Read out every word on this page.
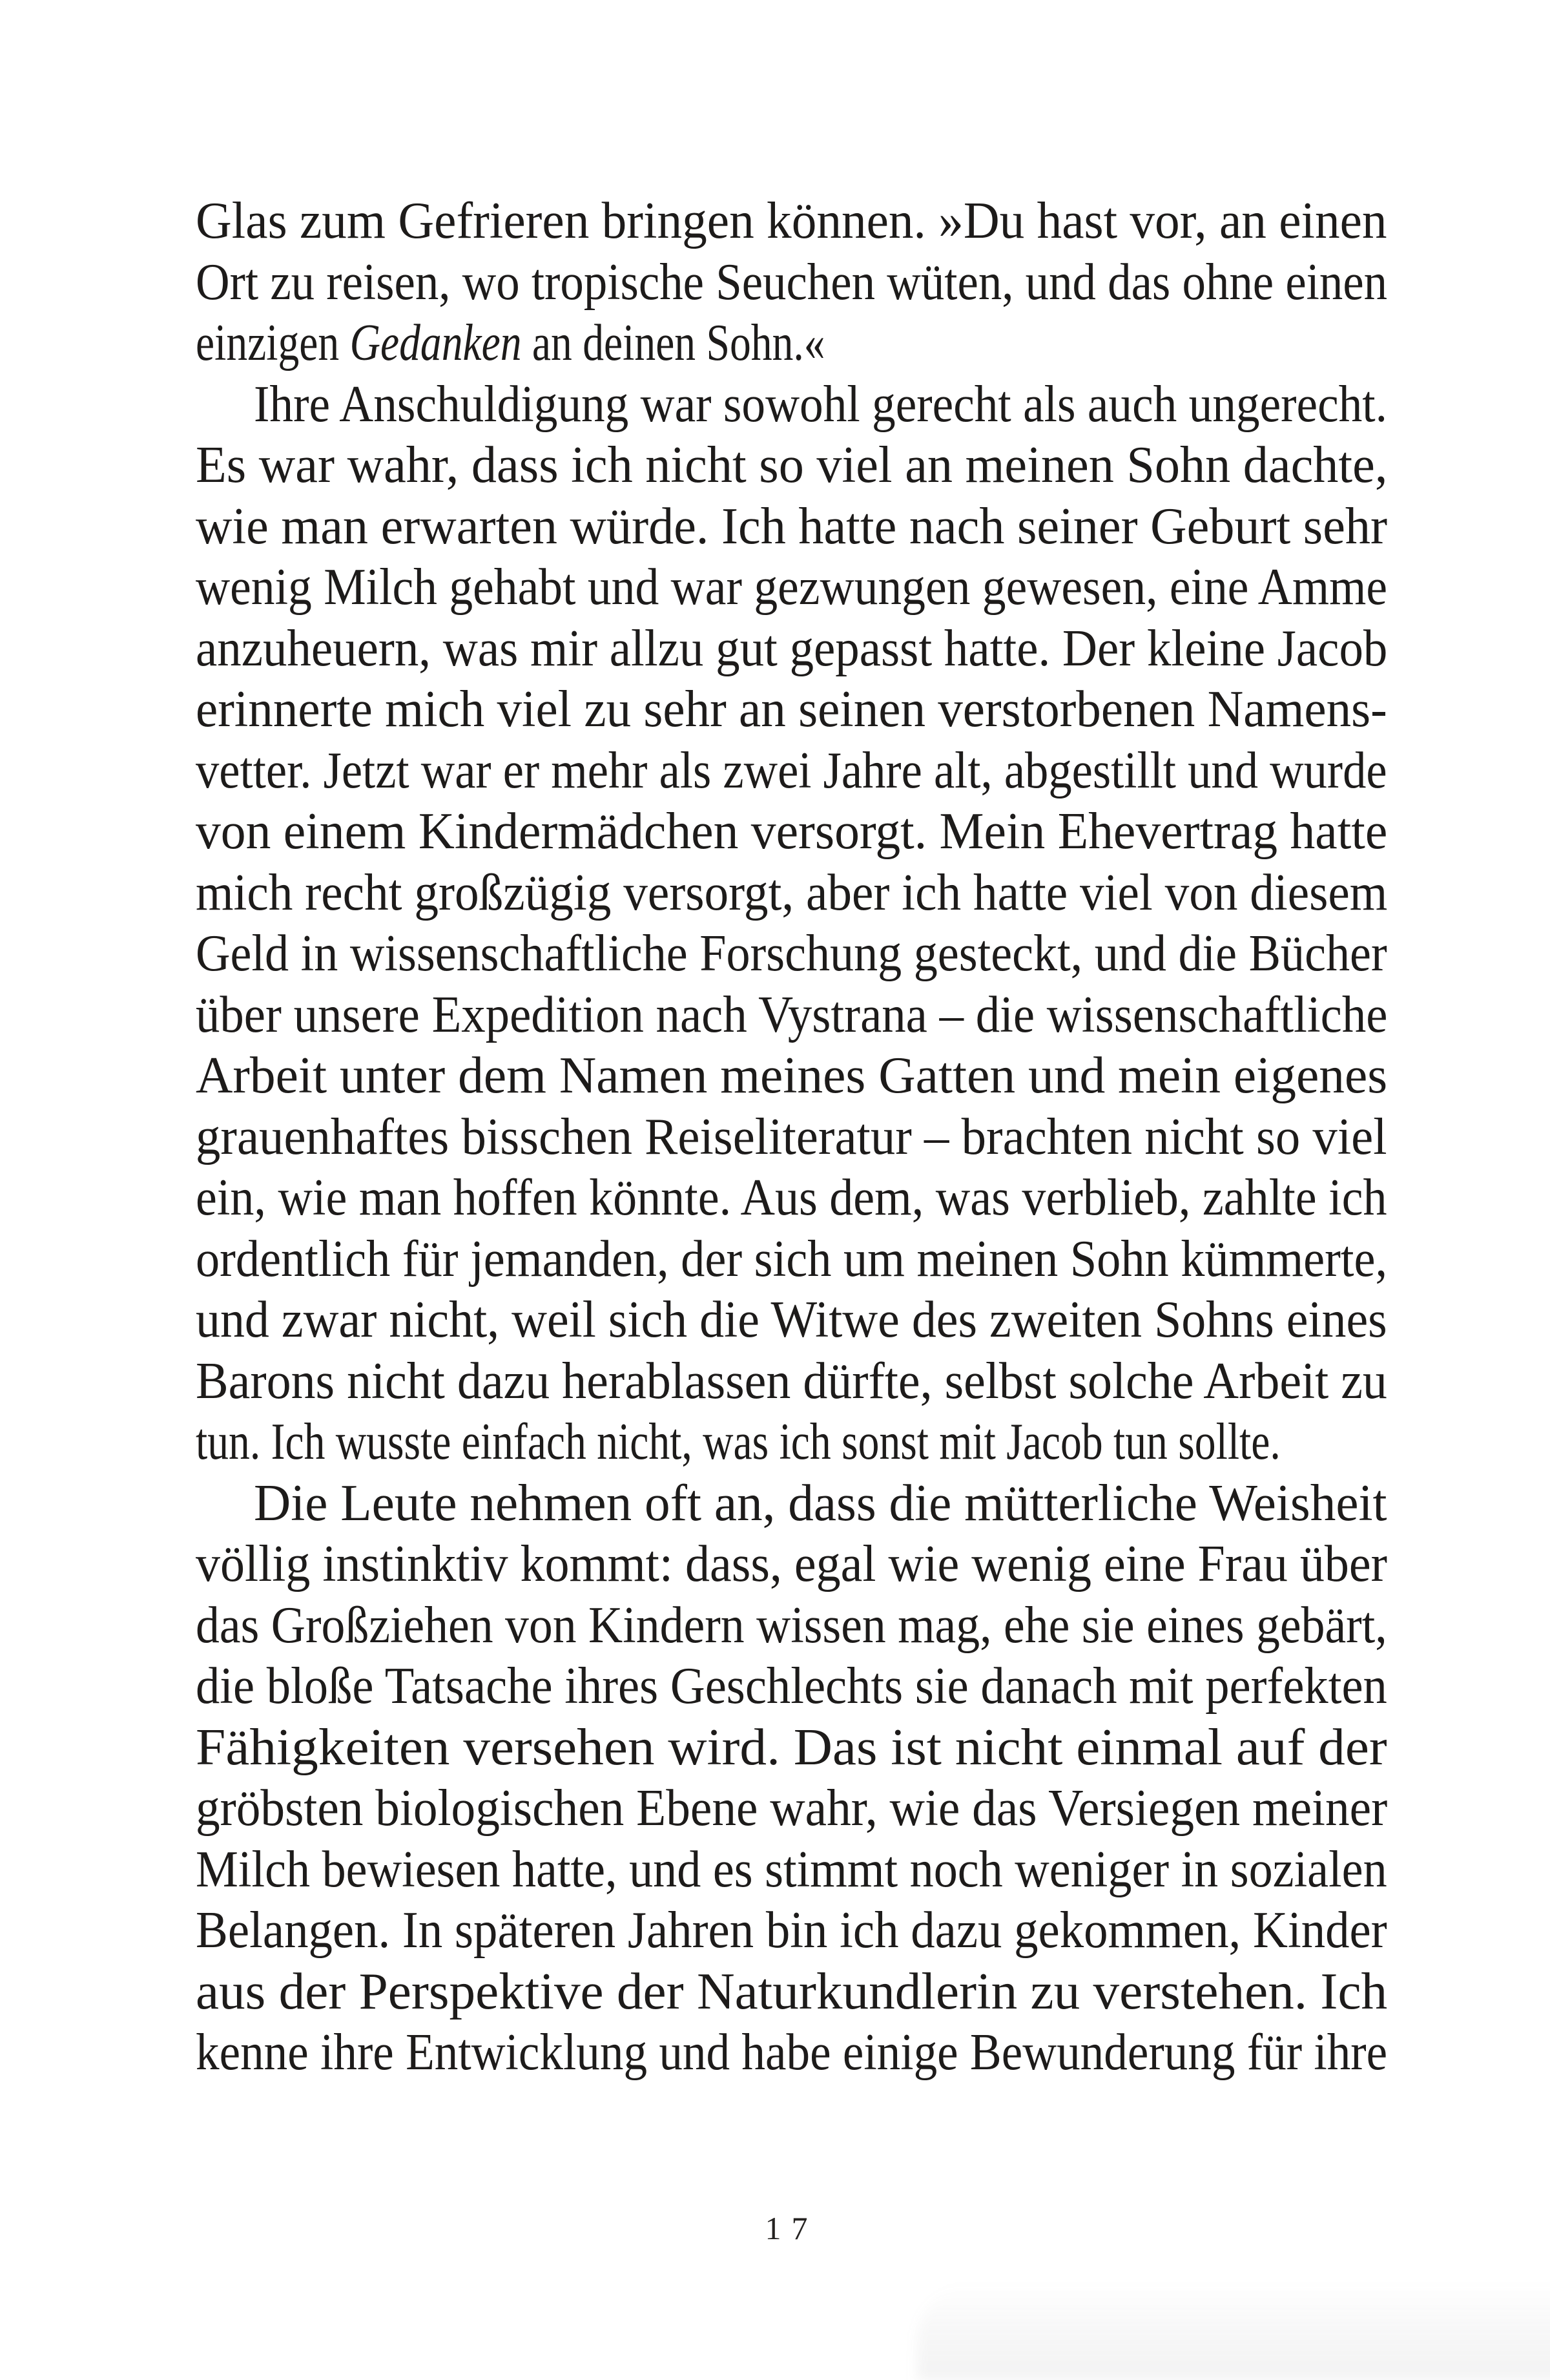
Glas zum Gefrieren bringen können. »Du hast vor, an einen
Ort zu reisen, wo tropische Seuchen wüten, und das ohne einen
einzigen Gedanken an deinen Sohn.«
Ihre Anschuldigung war sowohl gerecht als auch ungerecht.
Es war wahr, dass ich nicht so viel an meinen Sohn dachte,
wie man erwarten würde. Ich hatte nach seiner Geburt sehr
wenig Milch gehabt und war gezwungen gewesen, eine Amme
anzuheuern, was mir allzu gut gepasst hatte. Der kleine Jacob
erinnerte mich viel zu sehr an seinen verstorbenen Namens-
vetter. Jetzt war er mehr als zwei Jahre alt, abgestillt und wurde
von einem Kindermädchen versorgt. Mein Ehevertrag hatte
mich recht großzügig versorgt, aber ich hatte viel von diesem
Geld in wissenschaftliche Forschung gesteckt, und die Bücher
über unsere Expedition nach Vystrana – die wissenschaftliche
Arbeit unter dem Namen meines Gatten und mein eigenes
grauenhaftes bisschen Reiseliteratur – brachten nicht so viel
ein, wie man hoffen könnte. Aus dem, was verblieb, zahlte ich
ordentlich für jemanden, der sich um meinen Sohn kümmerte,
und zwar nicht, weil sich die Witwe des zweiten Sohns eines
Barons nicht dazu herablassen dürfte, selbst solche Arbeit zu
tun. Ich wusste einfach nicht, was ich sonst mit Jacob tun sollte.
Die Leute nehmen oft an, dass die mütterliche Weisheit
völlig instinktiv kommt: dass, egal wie wenig eine Frau über
das Großziehen von Kindern wissen mag, ehe sie eines gebärt,
die bloße Tatsache ihres Geschlechts sie danach mit perfekten
Fähigkeiten versehen wird. Das ist nicht einmal auf der
gröbsten biologischen Ebene wahr, wie das Versiegen meiner
Milch bewiesen hatte, und es stimmt noch weniger in sozialen
Belangen. In späteren Jahren bin ich dazu gekommen, Kinder
aus der Perspektive der Naturkundlerin zu verstehen. Ich
kenne ihre Entwicklung und habe einige Bewunderung für ihre
17
